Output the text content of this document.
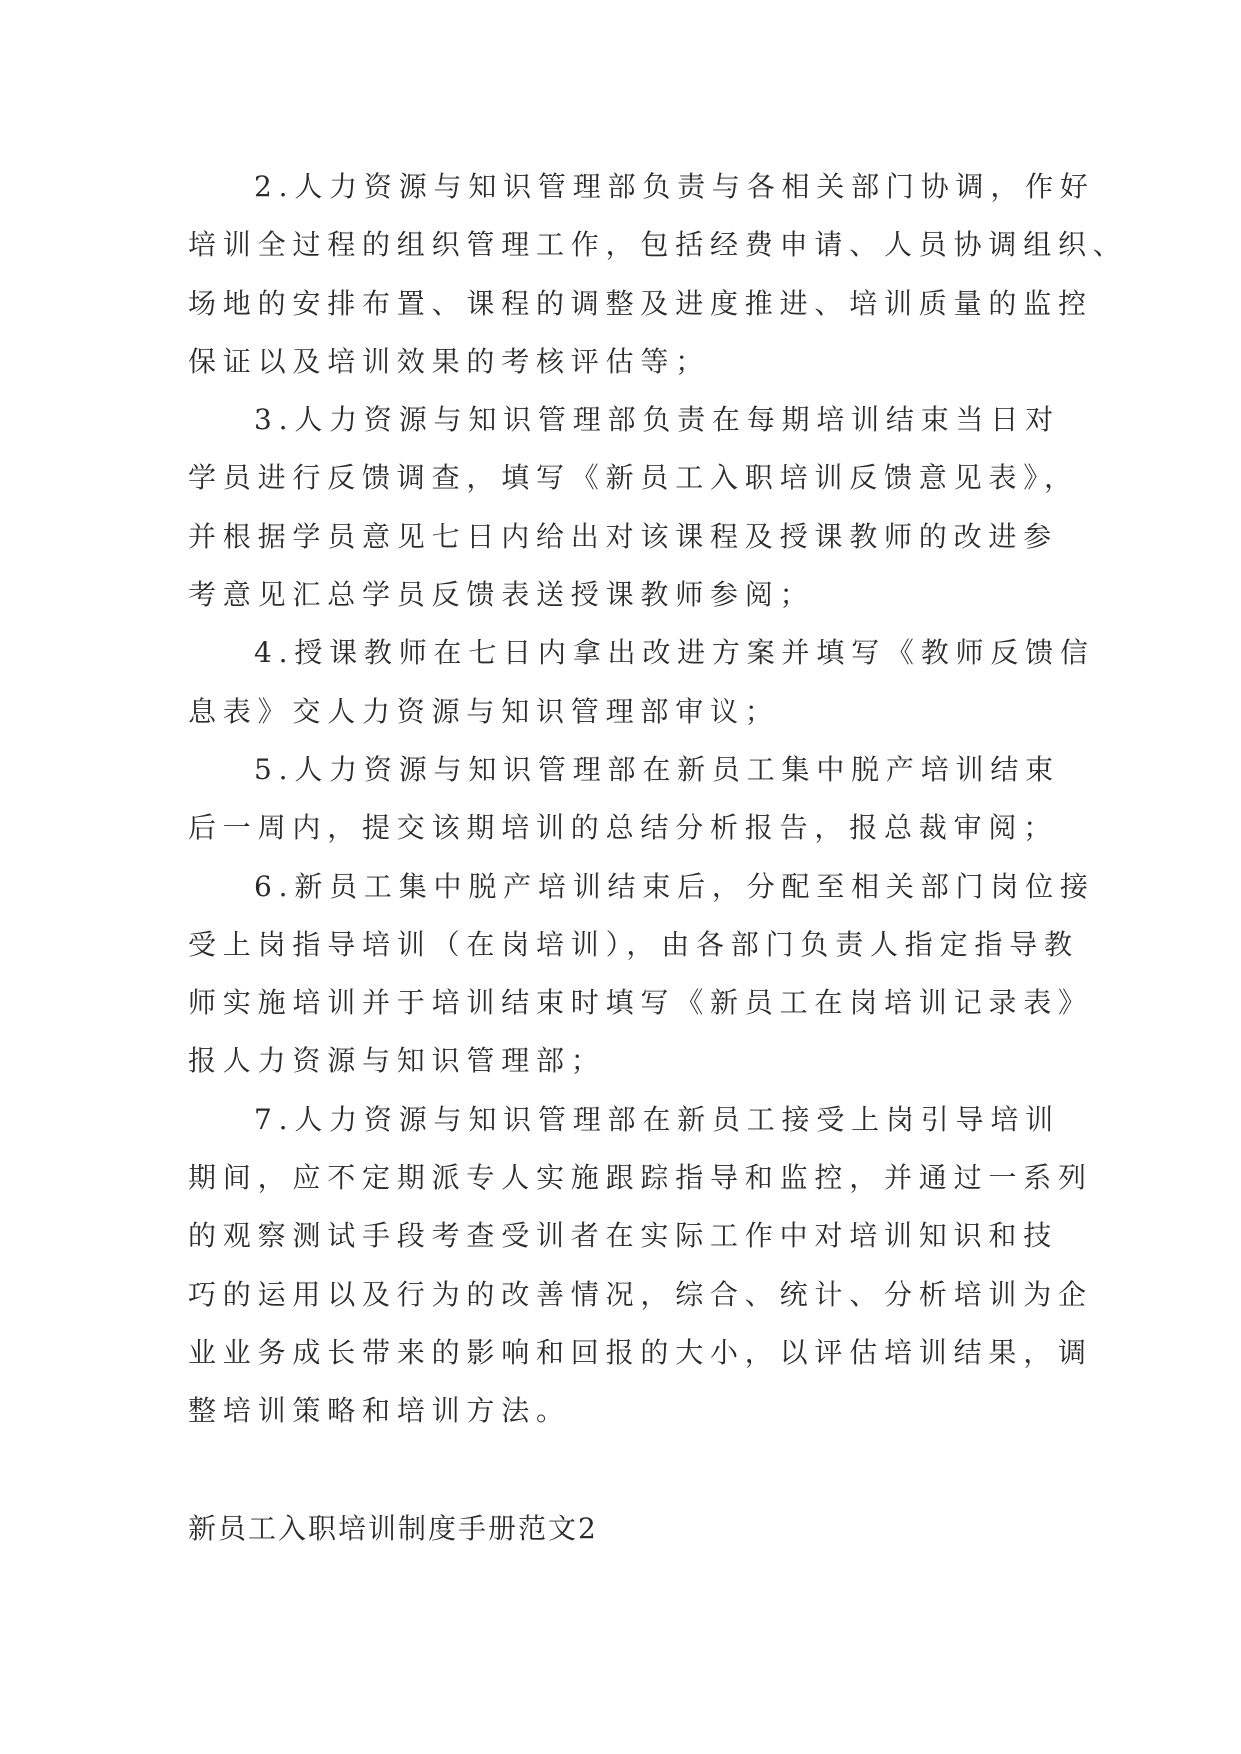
2.人力资源与知识管理部负责与各相关部门协调，作好
培训全过程的组织管理工作，包括经费申请、人员协调组织、
场地的安排布置、课程的调整及进度推进、培训质量的监控
保证以及培训效果的考核评估等；
3.人力资源与知识管理部负责在每期培训结束当日对
学员进行反馈调查，填写《新员工入职培训反馈意见表》，
并根据学员意见七日内给出对该课程及授课教师的改进参
考意见汇总学员反馈表送授课教师参阅；
4.授课教师在七日内拿出改进方案并填写《教师反馈信
息表》交人力资源与知识管理部审议；
5.人力资源与知识管理部在新员工集中脱产培训结束
后一周内，提交该期培训的总结分析报告，报总裁审阅；
6.新员工集中脱产培训结束后，分配至相关部门岗位接
受上岗指导培训（在岗培训），由各部门负责人指定指导教
师实施培训并于培训结束时填写《新员工在岗培训记录表》
报人力资源与知识管理部；
7.人力资源与知识管理部在新员工接受上岗引导培训
期间，应不定期派专人实施跟踪指导和监控，并通过一系列
的观察测试手段考查受训者在实际工作中对培训知识和技
巧的运用以及行为的改善情况，综合、统计、分析培训为企
业业务成长带来的影响和回报的大小，以评估培训结果，调
整培训策略和培训方法。
新员工入职培训制度手册范文2
